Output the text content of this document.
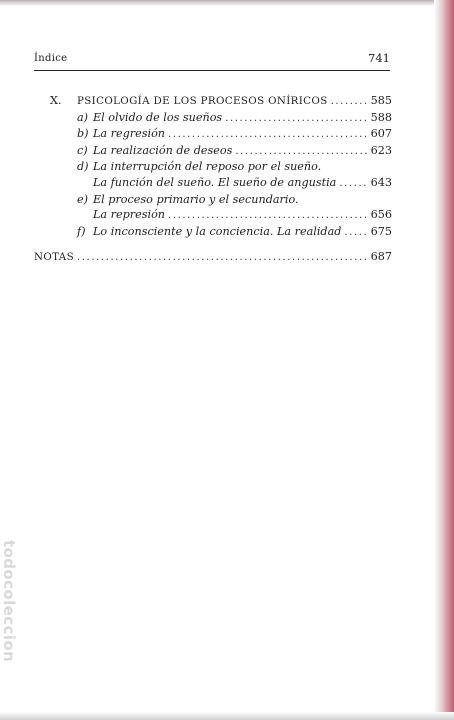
Índice	741
X.	PSICOLOGÍA DE LOS PROCESOS ONÍRICOS .....	585
a) El olvido de los sueños .....	588
b) La regresión .....	607
c) La realización de deseos .....	623
d) La interrupción del reposo por el sueño.
La función del sueño. El sueño de angustia .....	643
e) El proceso primario y el secundario.
La represión .....	656
f) Lo inconsciente y la conciencia. La realidad .....	675
NOTAS .....	687
todocoleccion
